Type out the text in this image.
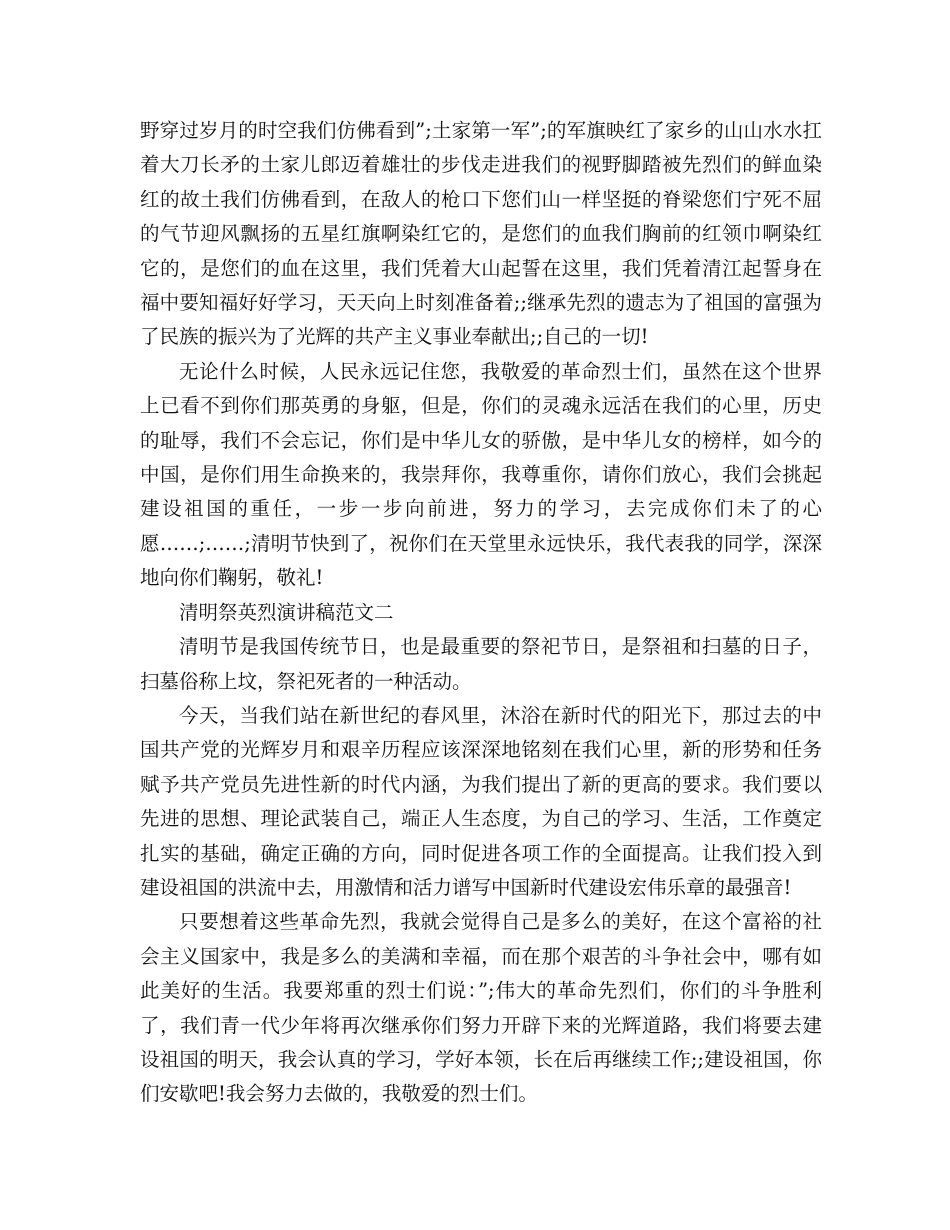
野穿过岁月的时空我们仿佛看到”;土家第一军”;的军旗映红了家乡的山山水水扛着大刀长矛的土家儿郎迈着雄壮的步伐走进我们的视野脚踏被先烈们的鲜血染红的故土我们仿佛看到，在敌人的枪口下您们山一样坚挺的脊梁您们宁死不屈的气节迎风飘扬的五星红旗啊染红它的，是您们的血我们胸前的红领巾啊染红它的，是您们的血在这里，我们凭着大山起誓在这里，我们凭着清江起誓身在福中要知福好好学习，天天向上时刻准备着;;继承先烈的遗志为了祖国的富强为了民族的振兴为了光辉的共产主义事业奉献出;;自己的一切!

无论什么时候，人民永远记住您，我敬爱的革命烈士们，虽然在这个世界上已看不到你们那英勇的身躯，但是，你们的灵魂永远活在我们的心里，历史的耻辱，我们不会忘记，你们是中华儿女的骄傲，是中华儿女的榜样，如今的中国，是你们用生命换来的，我崇拜你，我尊重你，请你们放心，我们会挑起建设祖国的重任，一步一步向前进，努力的学习，去完成你们未了的心愿……;……;清明节快到了，祝你们在天堂里永远快乐，我代表我的同学，深深地向你们鞠躬，敬礼!

清明祭英烈演讲稿范文二

清明节是我国传统节日，也是最重要的祭祀节日，是祭祖和扫墓的日子，扫墓俗称上坟，祭祀死者的一种活动。

今天，当我们站在新世纪的春风里，沐浴在新时代的阳光下，那过去的中国共产党的光辉岁月和艰辛历程应该深深地铭刻在我们心里，新的形势和任务赋予共产党员先进性新的时代内涵，为我们提出了新的更高的要求。我们要以先进的思想、理论武装自己，端正人生态度，为自己的学习、生活，工作奠定扎实的基础，确定正确的方向，同时促进各项工作的全面提高。让我们投入到建设祖国的洪流中去，用激情和活力谱写中国新时代建设宏伟乐章的最强音!

只要想着这些革命先烈，我就会觉得自己是多么的美好，在这个富裕的社会主义国家中，我是多么的美满和幸福，而在那个艰苦的斗争社会中，哪有如此美好的生活。我要郑重的烈士们说：”;伟大的革命先烈们，你们的斗争胜利了，我们青一代少年将再次继承你们努力开辟下来的光辉道路，我们将要去建设祖国的明天，我会认真的学习，学好本领，长在后再继续工作;;建设祖国，你们安歇吧!我会努力去做的，我敬爱的烈士们。
